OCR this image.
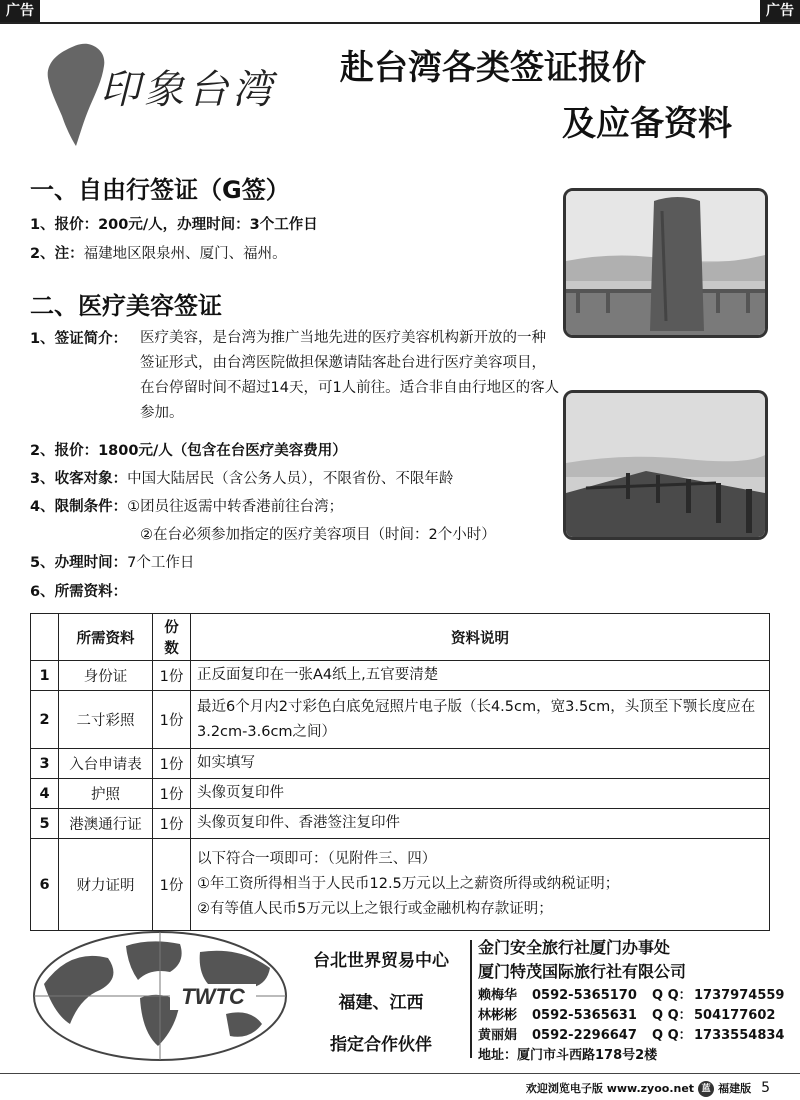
广告	广告
印象台湾 赴台湾各类签证报价
及应备资料
一、自由行签证（G签）
1、报价：200元/人，办理时间：3个工作日
2、注：福建地区限泉州、厦门、福州。
二、医疗美容签证
1、签证简介： 医疗美容，是台湾为推广当地先进的医疗美容机构新开放的一种签证形式，由台湾医院做担保邀请陆客赴台进行医疗美容项目，在台停留时间不超过14天，可1人前往。适合非自由行地区的客人参加。
2、报价：1800元/人（包含在台医疗美容费用）
3、收客对象：中国大陆居民（含公务人员），不限省份、不限年龄
4、限制条件：①团员往返需中转香港前往台湾；
②在台必须参加指定的医疗美容项目（时间：2个小时）
5、办理时间：7个工作日
6、所需资料：
	所需资料	份数	资料说明
1	身份证	1份	正反面复印在一张A4纸上,五官要清楚
2	二寸彩照	1份	最近6个月内2寸彩色白底免冠照片电子版（长4.5cm，宽3.5cm，头顶至下颚长度应在3.2cm-3.6cm之间）
3	入台申请表	1份	如实填写
4	护照	1份	头像页复印件
5	港澳通行证	1份	头像页复印件、香港签注复印件
6	财力证明	1份	以下符合一项即可：（见附件三、四）
①年工资所得相当于人民币12.5万元以上之薪资所得或纳税证明；
②有等值人民币5万元以上之银行或金融机构存款证明；
TWTC
台北世界贸易中心
福建、江西
指定合作伙伴
金门安全旅行社厦门办事处
厦门特茂国际旅行社有限公司
赖梅华 0592-5365170 Q Q： 1737974559
林彬彬 0592-5365631 Q Q： 504177602
黄丽娟 0592-2296647 Q Q： 1733554834
地址：厦门市斗西路178号2楼
欢迎浏览电子版 www.zyoo.net 蓝 福建版 5
